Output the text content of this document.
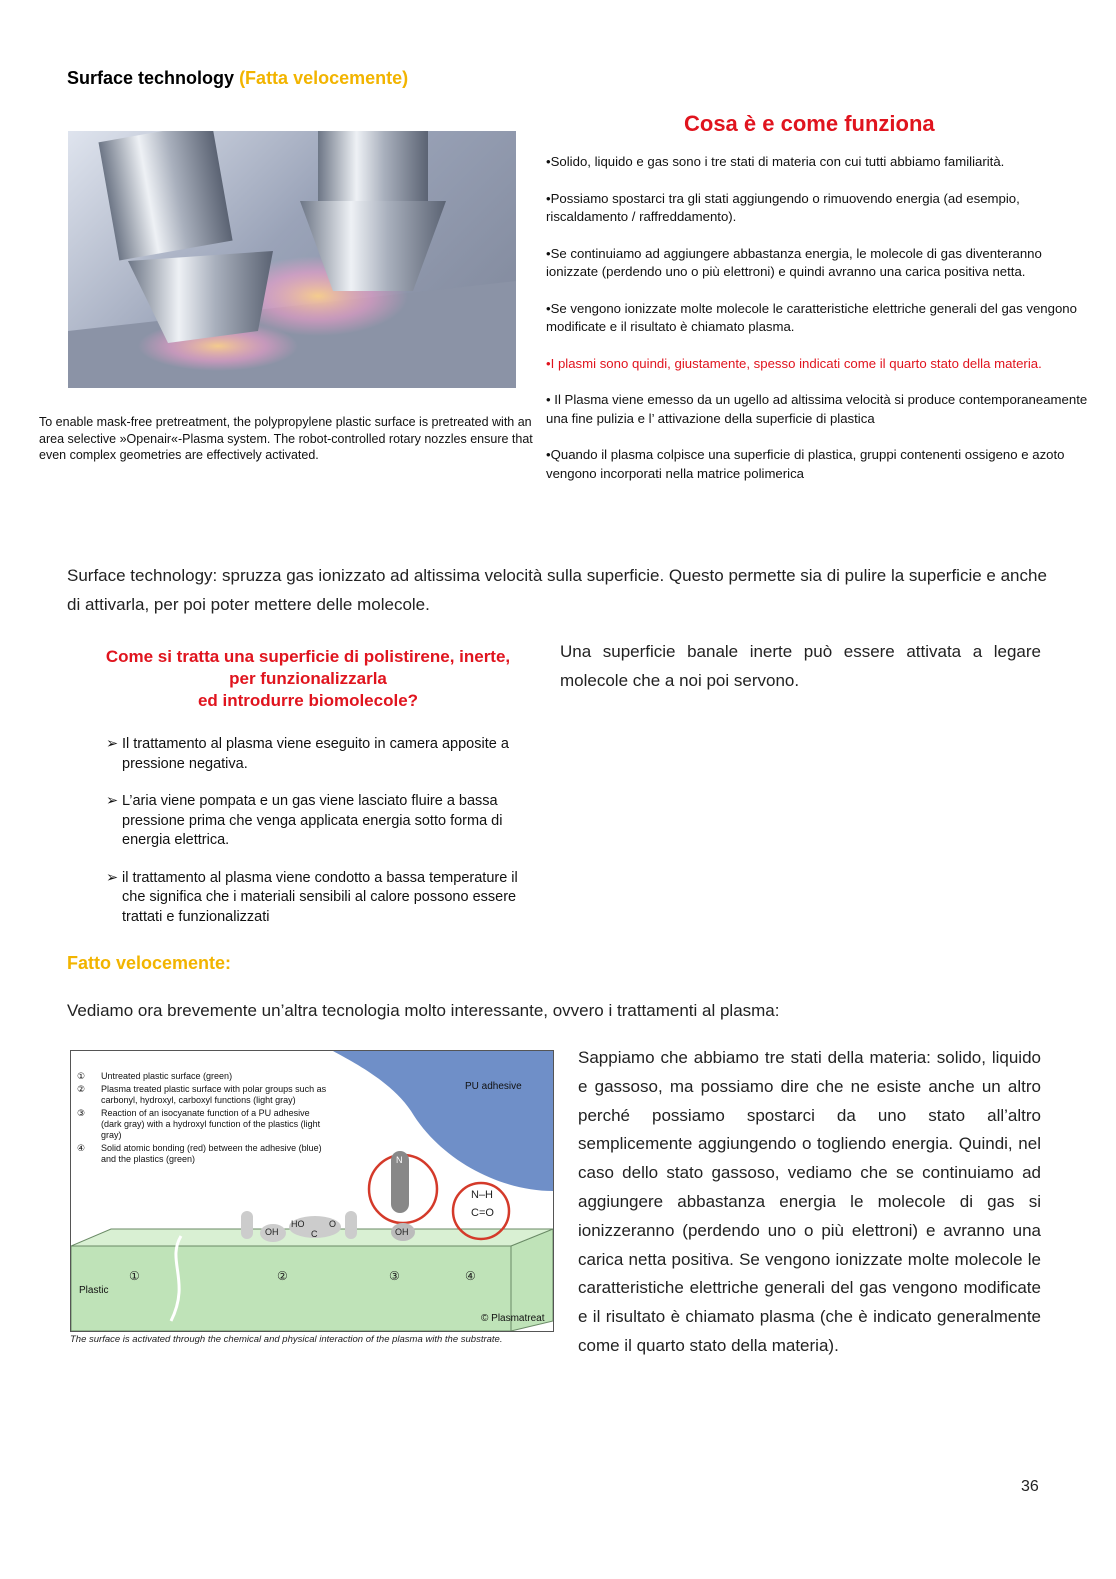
Surface technology (Fatta velocemente)
To enable mask-free pretreatment, the polypropylene plastic surface is pretreated with an area selective »Openair«-Plasma system. The robot-controlled rotary nozzles ensure that even complex geometries are effectively activated.
Cosa è e come funziona

•Solido, liquido e gas sono i tre stati di materia con cui tutti abbiamo familiarità.

•Possiamo spostarci tra gli stati aggiungendo o rimuovendo energia (ad esempio, riscaldamento / raffreddamento).

•Se continuiamo ad aggiungere abbastanza energia, le molecole di gas diventeranno ionizzate (perdendo uno o più elettroni) e quindi avranno una carica positiva netta.

•Se vengono ionizzate molte molecole le caratteristiche elettriche generali del gas vengono modificate e il risultato è chiamato plasma.

•I plasmi sono quindi, giustamente, spesso indicati come il quarto stato della materia.

• Il Plasma viene emesso da un ugello ad altissima velocità si produce contemporaneamente una fine pulizia e l’ attivazione della superficie di plastica

•Quando il plasma colpisce una superficie di plastica, gruppi contenenti ossigeno e azoto vengono incorporati nella matrice polimerica

Surface technology: spruzza gas ionizzato ad altissima velocità sulla superficie. Questo permette sia di pulire la superficie e anche di attivarla, per poi poter mettere delle molecole.
Come si tratta una superficie di polistirene, inerte,
per funzionalizzarla
ed introdurre biomolecole?
➢ Il trattamento al plasma viene eseguito in camera apposite a pressione negativa.
➢ L’aria viene pompata e un gas viene lasciato fluire a bassa pressione prima che venga applicata energia sotto forma di energia elettrica.
➢ il trattamento al plasma viene condotto a bassa temperature il che significa che i materiali sensibili al calore possono essere trattati e funzionalizzati
Una superficie banale inerte può essere attivata a legare molecole che a noi poi servono.
Fatto velocemente:
Vediamo ora brevemente un’altra tecnologia molto interessante, ovvero i trattamenti al plasma:
① Untreated plastic surface (green)
② Plasma treated plastic surface with polar groups such as carbonyl, hydroxyl, carboxyl functions (light gray)
③ Reaction of an isocyanate function of a PU adhesive (dark gray) with a hydroxyl function of the plastics (light gray)
④ Solid atomic bonding (red) between the adhesive (blue) and the plastics (green)
PU adhesive
Plastic
© Plasmatreat
①	②	③	④
OH
HO
C
O
N
OH
N–H
C=O
The surface is activated through the chemical and physical interaction of the plasma with the substrate.
Sappiamo che abbiamo tre stati della materia: solido, liquido e gassoso, ma possiamo dire che ne esiste anche un altro perché possiamo spostarci da uno stato all’altro semplicemente aggiungendo o togliendo energia. Quindi, nel caso dello stato gassoso, vediamo che se continuiamo ad aggiungere abbastanza energia le molecole di gas si ionizzeranno (perdendo uno o più elettroni) e avranno una carica netta positiva. Se vengono ionizzate molte molecole le caratteristiche elettriche generali del gas vengono modificate e il risultato è chiamato plasma (che è indicato generalmente come il quarto stato della materia).
36
